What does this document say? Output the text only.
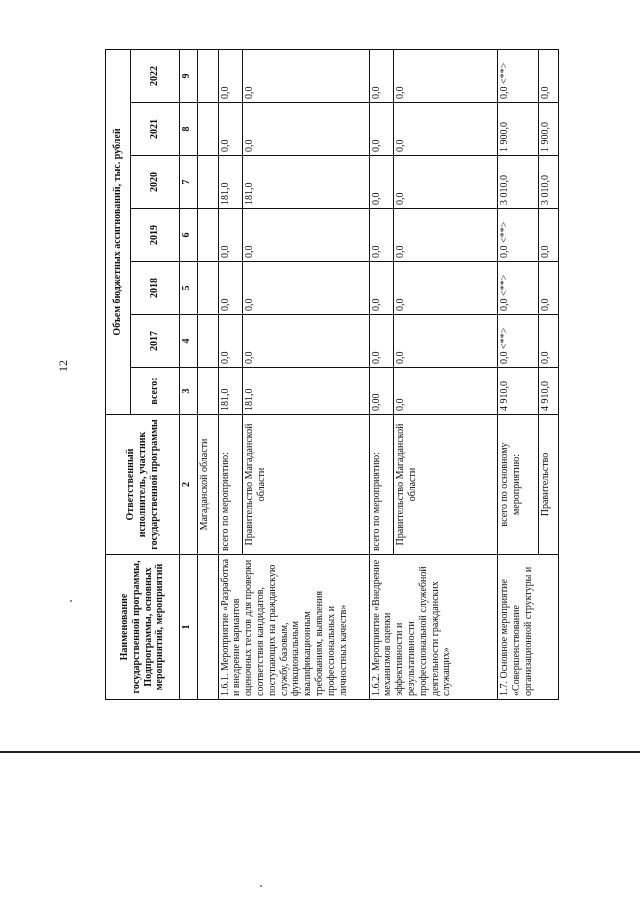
12
Наименование государственной программы, Подпрограммы, основных мероприятий, мероприятий	Ответственный исполнитель, участник государственной программы	Объем бюджетных ассигнований, тыс. рублей						
		всего:	2017	2018	2019	2020	2021	2022
1	2	3	4	5	6	7	8	9
	Магаданской области							
1.6.1. Мероприятие «Разработка и внедрение вариантов оценочных тестов для проверки соответствия кандидатов, поступающих на гражданскую службу, базовым, функциональным квалификационным требованиям, выявления профессиональных и личностных качеств»	всего по мероприятию:	181,0	0,0	0,0	0,0	181,0	0,0	0,0
	Правительство Магаданской области	181,0	0,0	0,0	0,0	181,0	0,0	0,0
1.6.2. Мероприятие «Внедрение механизмов оценки эффективности и результативности профессиональной служебной деятельности гражданских служащих»	всего по мероприятию:	0,00	0,0	0,0	0,0	0,0	0,0	0,0
	Правительство Магаданской области	0,0	0,0	0,0	0,0	0,0	0,0	0,0
1.7. Основное мероприятие «Совершенствование организационной структуры и	всего по основному мероприятию:	4 910,0	0,0 <**>	0,0 <**>	0,0 <**>	3 010,0	1 900,0	0,0 <**>
	Правительство	4 910,0	0,0	0,0	0,0	3 010,0	1 900,0	0,0
